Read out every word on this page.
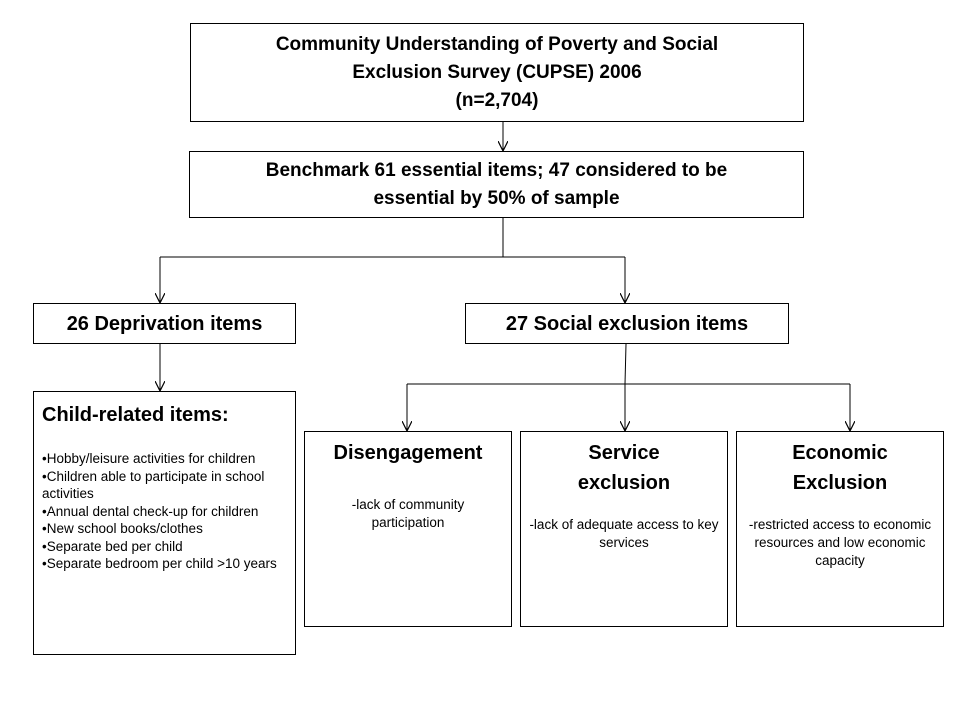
Community Understanding of Poverty and Social
Exclusion Survey (CUPSE) 2006
(n=2,704)
Benchmark 61 essential items; 47 considered to be
essential by 50% of sample
26 Deprivation items	27 Social exclusion items
Child-related items:
• Hobby/leisure activities for children
• Children able to participate in school activities
• Annual dental check-up for children
• New school books/clothes
• Separate bed per child
• Separate bedroom per child >10 years
Disengagement
-lack of community participation
Service
exclusion
-lack of adequate access to key services
Economic
Exclusion
-restricted access to economic resources and low economic capacity
